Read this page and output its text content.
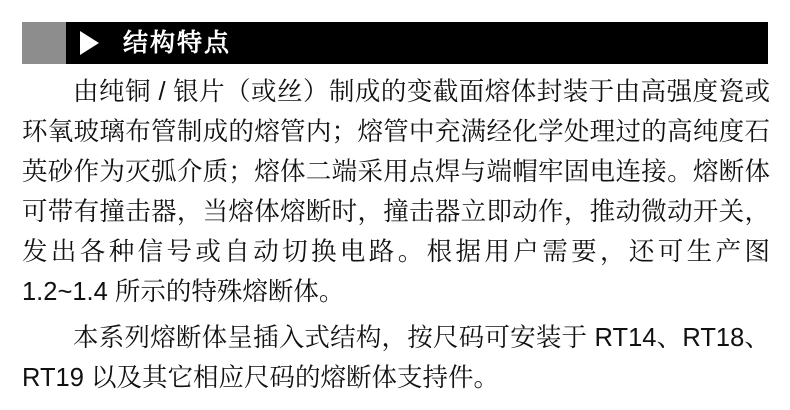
结构特点

由纯铜 / 银片（或丝）制成的变截面熔体封装于由高强度瓷或环氧玻璃布管制成的熔管内；熔管中充满经化学处理过的高纯度石英砂作为灭弧介质；熔体二端采用点焊与端帽牢固电连接。熔断体可带有撞击器，当熔体熔断时，撞击器立即动作，推动微动开关，发出各种信号或自动切换电路。根据用户需要，还可生产图 1.2~1.4 所示的特殊熔断体。

本系列熔断体呈插入式结构，按尺码可安装于 RT14、RT18、RT19 以及其它相应尺码的熔断体支持件。
